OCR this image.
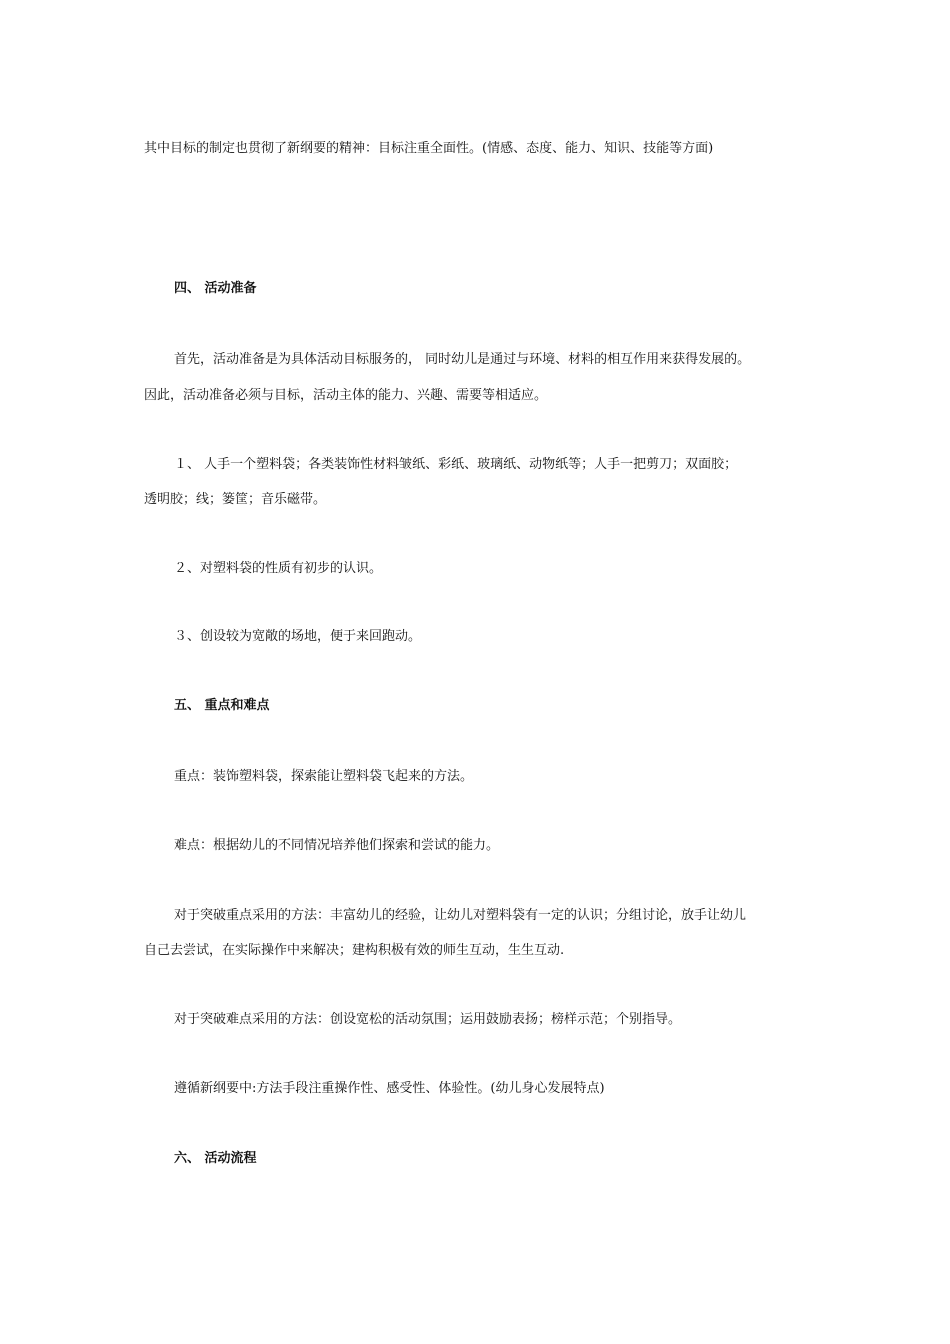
其中目标的制定也贯彻了新纲要的精神：目标注重全面性。(情感、态度、能力、知识、技能等方面)

四、 活动准备

首先，活动准备是为具体活动目标服务的， 同时幼儿是通过与环境、材料的相互作用来获得发展的。

因此，活动准备必须与目标，活动主体的能力、兴趣、需要等相适应。

１、 人手一个塑料袋；各类装饰性材料皱纸、彩纸、玻璃纸、动物纸等；人手一把剪刀；双面胶；

透明胶；线；篓筐；音乐磁带。

２、对塑料袋的性质有初步的认识。

３、创设较为宽敞的场地，便于来回跑动。

五、 重点和难点

重点：装饰塑料袋，探索能让塑料袋飞起来的方法。

难点：根据幼儿的不同情况培养他们探索和尝试的能力。

对于突破重点采用的方法：丰富幼儿的经验，让幼儿对塑料袋有一定的认识；分组讨论，放手让幼儿

自己去尝试，在实际操作中来解决；建构积极有效的师生互动，生生互动.

对于突破难点采用的方法：创设宽松的活动氛围；运用鼓励表扬；榜样示范；个别指导。

遵循新纲要中:方法手段注重操作性、感受性、体验性。(幼儿身心发展特点)

六、 活动流程
